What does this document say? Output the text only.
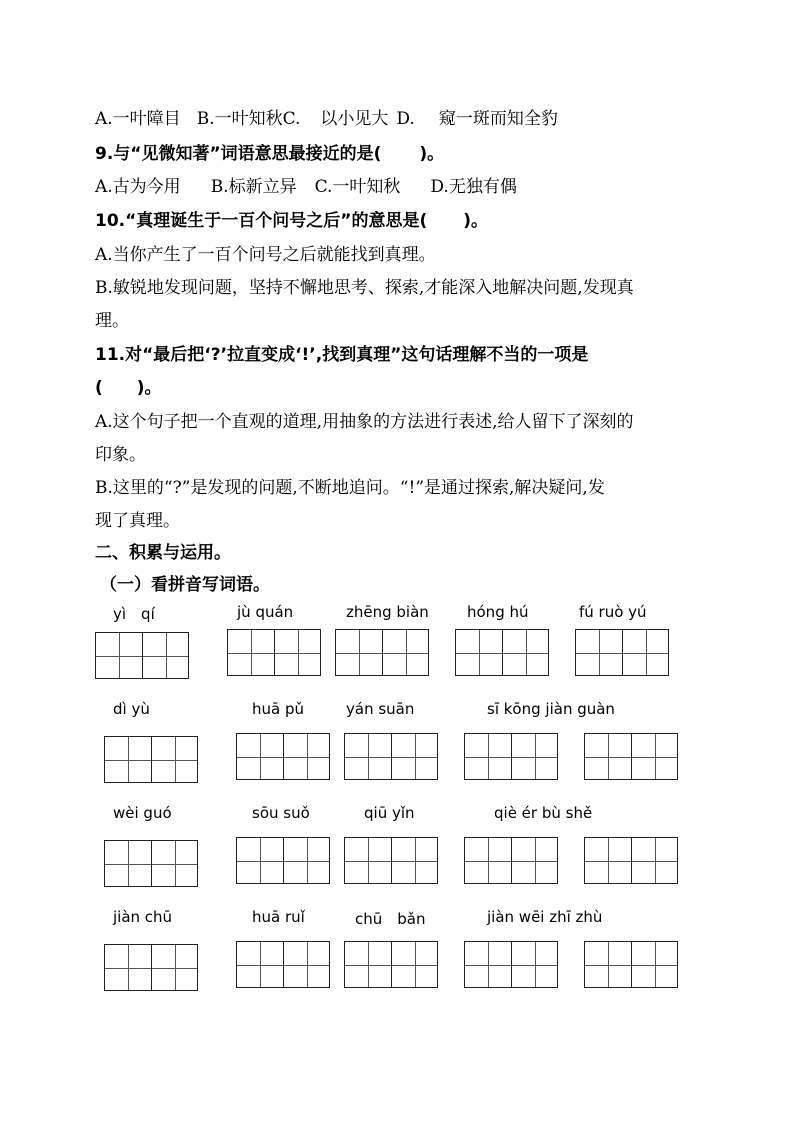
A.一叶障目 B.一叶知秋C. 以小见大 D. 窥一斑而知全豹
9.与“见微知著”词语意思最接近的是( )。
A.古为今用 B.标新立异 C.一叶知秋 D.无独有偶
10.“真理诞生于一百个问号之后”的意思是( )。
A.当你产生了一百个问号之后就能找到真理。
B.敏锐地发现问题，坚持不懈地思考、探索,才能深入地解决问题,发现真
理。
11.对“最后把‘?’拉直变成‘!’,找到真理”这句话理解不当的一项是
(　　)。
A.这个句子把一个直观的道理,用抽象的方法进行表述,给人留下了深刻的
印象。
B.这里的“?”是发现的问题,不断地追问。“!”是通过探索,解决疑问,发
现了真理。
二、积累与运用。
（一）看拼音写词语。
yì　qí	jù quán	zhēng biàn	hóng hú	fú ruò yú
dì yù	huā pǔ	yán suān	sī kōng jiàn guàn
wèi guó	sōu suǒ	qiū yǐn	qiè ér bù shě
jiàn chū	huā ruǐ	chū　bǎn	jiàn wēi zhī zhù
